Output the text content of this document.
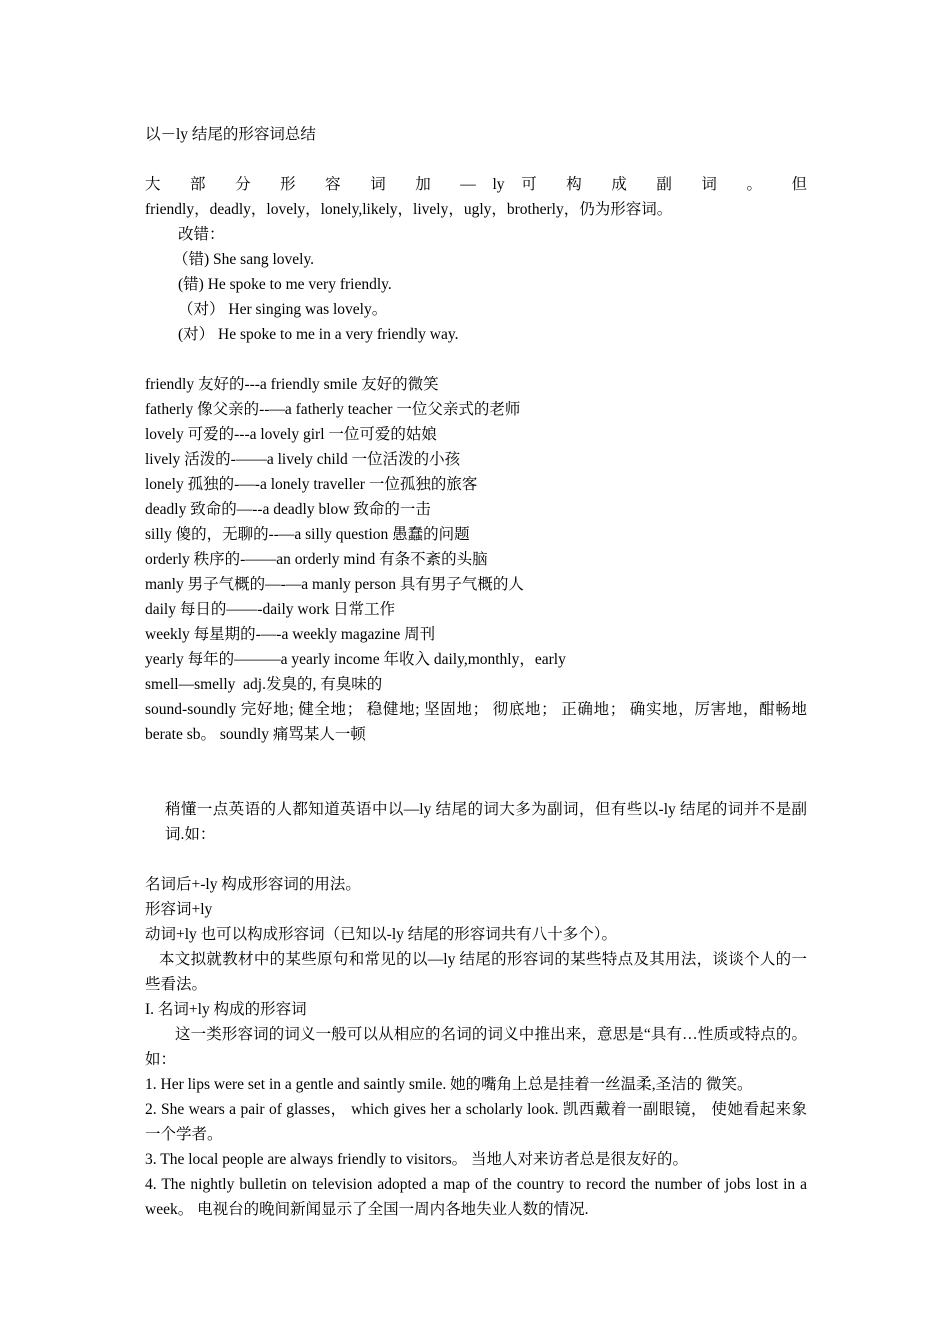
以－ly 结尾的形容词总结
大 部 分 形 容 词 加 — ly 可 构 成 副 词 。 但
friendly，deadly，lovely，lonely,likely，lively，ugly，brotherly，仍为形容词。
改错：
（错) She sang lovely.
(错) He spoke to me very friendly.
（对） Her singing was lovely。
(对） He spoke to me in a very friendly way.
friendly 友好的---a friendly smile 友好的微笑
fatherly 像父亲的--—a fatherly teacher 一位父亲式的老师
lovely 可爱的---a lovely girl 一位可爱的姑娘
lively 活泼的-——a lively child 一位活泼的小孩
lonely 孤独的-—-a lonely traveller 一位孤独的旅客
deadly 致命的—--a deadly blow 致命的一击
silly 傻的，无聊的--—a silly question 愚蠢的问题
orderly 秩序的-——an orderly mind 有条不紊的头脑
manly 男子气概的—-—a manly person 具有男子气概的人
daily 每日的——-daily work 日常工作
weekly 每星期的-—-a weekly magazine 周刊
yearly 每年的———a yearly income 年收入 daily,monthly，early
smell—smelly  adj.发臭的, 有臭味的
sound-soundly 完好地; 健全地； 稳健地; 坚固地； 彻底地； 正确地； 确实地，厉害地，酣畅地 berate sb。 soundly 痛骂某人一顿
稍懂一点英语的人都知道英语中以—ly 结尾的词大多为副词，但有些以-ly 结尾的词并不是副词.如：
名词后+-ly 构成形容词的用法。
形容词+ly
动词+ly 也可以构成形容词（已知以-ly 结尾的形容词共有八十多个）。
本文拟就教材中的某些原句和常见的以—ly 结尾的形容词的某些特点及其用法，谈谈个人的一些看法。
I. 名词+ly 构成的形容词
这一类形容词的词义一般可以从相应的名词的词义中推出来，意思是“具有…性质或特点的。 如：
1. Her lips were set in a gentle and saintly smile. 她的嘴角上总是挂着一丝温柔,圣洁的 微笑。
2. She wears a pair of glasses， which gives her a scholarly look. 凯西戴着一副眼镜， 使她看起来象一个学者。
3. The local people are always friendly to visitors。 当地人对来访者总是很友好的。
4. The nightly bulletin on television adopted a map of the country to record the number of jobs lost in a week。 电视台的晚间新闻显示了全国一周内各地失业人数的情况.
